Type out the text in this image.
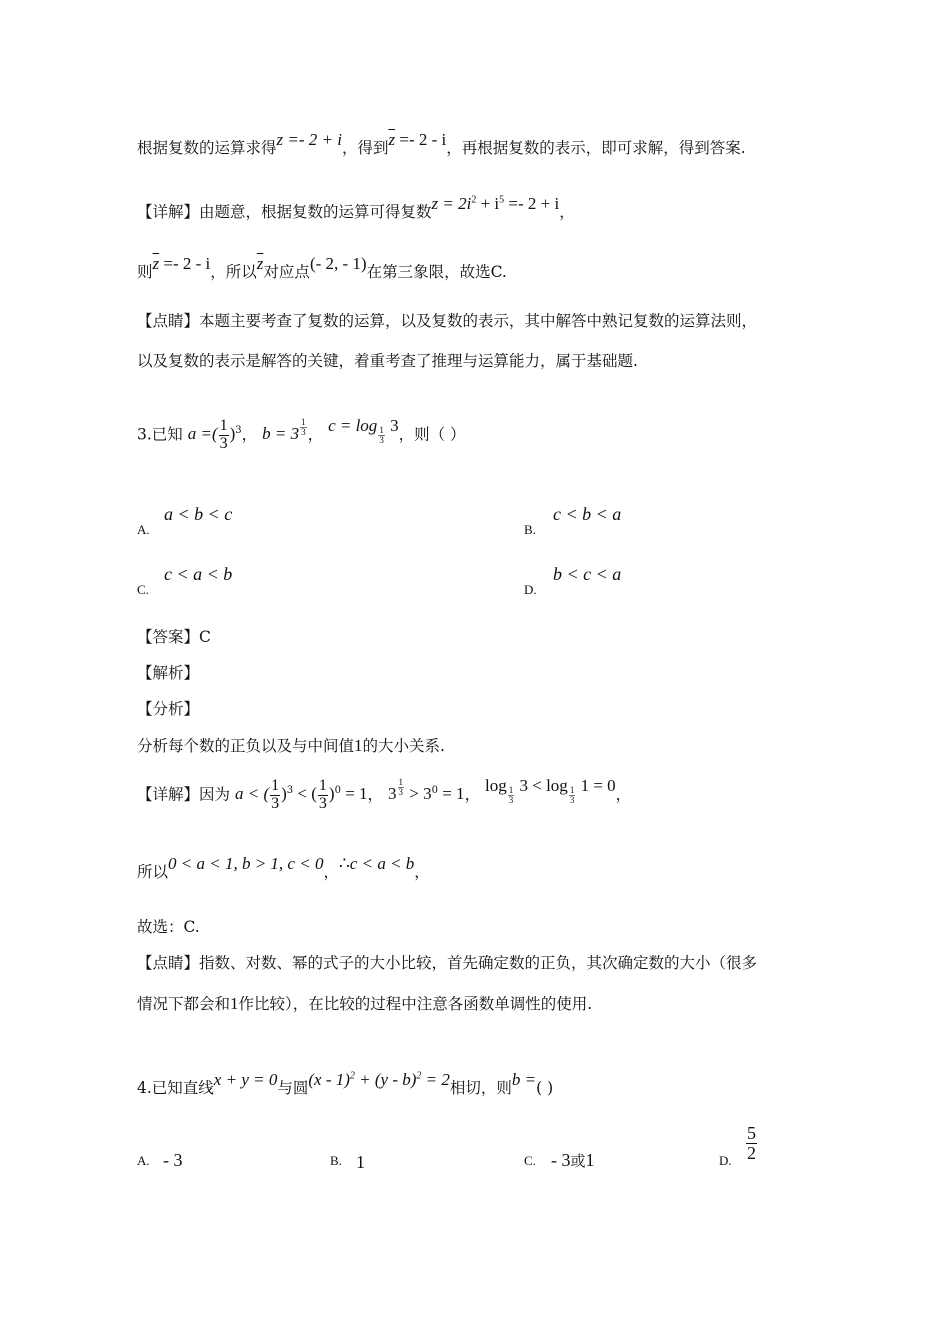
根据复数的运算求得z =- 2 + i，得到$\overline{z} =- 2 - i$，再根据复数的表示，即可求解，得到答案.
【详解】由题意，根据复数的运算可得复数$z = 2i^2 + i^5 =- 2 + i$，
则$\overline{z} =- 2 - i$，所以$\overline{z}$对应点(- 2, - 1)在第三象限，故选C.
【点睛】本题主要考查了复数的运算，以及复数的表示，其中解答中熟记复数的运算法则，
以及复数的表示是解答的关键，着重考查了推理与运算能力，属于基础题.
3.已知 a =( $\frac{1}{3} )^3$， $b = 3 \frac{1}{3}$ ， $c = \log \frac{1}{3} 3$，则（ ）
A.
a < b < c
B.
c < b < a
C.
c < a < b
D.
b < c < a
【答案】C
【解析】
【分析】
分析每个数的正负以及与中间值1的大小关系.
【详解】因为 a < ( $\frac{1}{3} )^3$ < ( $\frac{1}{3} )^0 = 1$， $3 \frac{1}{3} > 3^0 = 1$， $\log \frac{1}{3} 3 < \log \frac{1}{3} 1 = 0$，
所以0 < a < 1, b > 1, c < 0，∴c < a < b，
故选：C.
【点睛】指数、对数、幂的式子的大小比较，首先确定数的正负，其次确定数的大小（很多
情况下都会和1作比较），在比较的过程中注意各函数单调性的使用.
4.已知直线x + y = 0与圆(x - 1)$^2$ + (y - b)$^2$ = 2相切，则b =( )
A. - 3	B. 1	C. - 3或1	D. $\frac{5}{2}$
